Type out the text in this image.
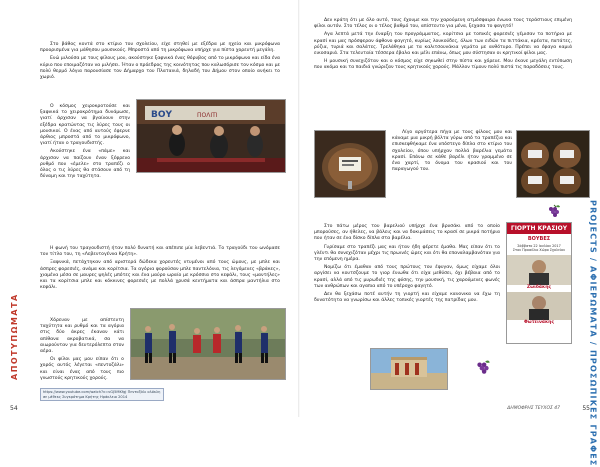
ΑΠΟΤΥΠΩΜΑΤΑ

Στο βάθος κοντά στο κτίριο του σχολείου, είχε στηθεί με εξέδρα με ηχεία και μικρόφωνα προορισμένα για μάθησου μουσικούς. Μπροστά από τη μικρόφωνα υπήρχε για πίστα χορευτή μεγάλη.

Ενώ μιλούσα με τους φίλους μου, ακούστηκε ξαφνικά ένας θόρυβος από το μικρόφωνο και είδα ένα κύριο που εποιμαζόταν να μιλήσει. Ήταν ο πρόεδρος της κοινότητας που καλωσόρισε τον κόσμο και με πολύ θερμό λόγια παρουσίασε τον Δήμαρχο του Πλατανιά, δηλαδή του Δήμου στον οποίο ανήκει το χωριό.

ΒΟΥ	ΠΟΛΙΤΙ

Ο κόσμος χειροκροτούσε και ξαφνικά το χειροκρότημα δυνάμωσε, γιατί άρχισαν να βγαίνουν στην εξέδρα κρατώντας τις λύρες τους οι μουσικοί. Ο ένας από αυτούς έφερνε άρθιος μπροστά από το μικρόφωνο, γιατί ήταν ο τραγουδιστής.

Ακούστηκε ένα «πάμε» και άρχισαν να παίζουν έναν ξέφρενο ρυθμό που «έμελε» στο τραπέζι ο όλος ο τις λύρες θα στάσουν από τη δύναμη και την ταχύτητα.

Η φωνή του τραγουδιστή ήταν πολύ δυνατή και απέπιπε μία λεβεντιά. Το τραγούδι του ωνόμασε τον τίτλο του, τη «Λεβεντογέννα Κρήτη».

Ξαφνικά, πετάχτηκαν από αριστερά δώδεκα χορευτές ντυμένοι από τους ώμους, με μπλε και άσπρες φορεσιές, ανάμα και κορίτσια. Τα αγόρια φορούσαν μπλε παντελόνια, τις λεγόμενες «βράκες», χιαμένα μέσα σε μαυρες ψηλές μπότες και ένα μαύρο ωραίο με κρόσσια στο κεφάλι, τους «μαντήλες» και τα κορίτσια μπλε και κόκκινες φορεσιές με πολλά χρυσά κεντήματα και άσπρα μαντήλια στο κεφάλι.

Χόρευαν με απίστευτη ταχύτητα και ρυθμό και τα αγόρια στις δύο άκρες έκαναν κάτι απίθανα ακροβατικά, σα να αιωρούνταν για δευτερόλεπτα στον αέρα.

Οι φίλοι μας μου είπαν ότι ο χορός αυτός λέγεται «πεντοζάλι» και είναι ένας από τους πιο γνωστούς κρητικούς χορούς.

https://www.youtube.com/watch?v=vGJ5MKfgj Πεντοζάλι ολόκλη σε μέθεκς Συγκρότημα Κρήτης Ηράκλειο 2014
54

Δεν κράτη ότι με όλο αυτό, τους έχουμε και την χαρούμενη ατμόσφαιρα ένωνα τους τεράστιους επιμένη φίλοι αυτόν. Στο τέλος οι ο τέλος βαθμό του, απίστευτο για μένα, ξεχασα το φαγητό!

Αγα λεπτά μετά την έναρξη του προγράμματος, κορίτσια με τοπικές φορεσιές γέμισαν τα ποτήρια με κρασί και μας πρόσφεραν άφθονο φαγητό, κυρίως λουκούδες, όλων των ειδών τα πιττάκια, κρέατα, πατάτες, ρύζια, τυριά και σαλάτες. Τρελάθηκα με τα καλιτσουνάκια γεμάτα με ανθότυρο. Πρέπει να έφαγα καμιά εικοσαριά. Στα τελευταία τέσσερα έβαλα και μέλι επάνω, όπως μου σύστησαν οι κρητικοί φίλοι μας.

Η μουσική συνεχιζόταν και ο κόσμος είχε σηκωθεί στην πίστα και χόρευε. Μου έκανε μεγάλη εντύπωση που ακόμα και τα παιδιά γνώριζαν τους κρητικούς χορούς. Μάλλον τίμουν πολύ πιστά τις παραδόσεις τους.

Λίγο αργότερα πήγα με τους φίλους μου και κάναμε μια μικρή βόλτα γύρω από τα τραπέζια και επισκεφθήκαμε ένα υπόστεγο δίπλα στο κτίριο του σχολείου, όπου υπήρχαν πολλά βαρέλια γεμάτα κρασί. Επάνω σε κάθε βαρέλι ήταν γραμμένο σε ένα χαρτί, το όνομα του κρασιού και του παραγωγού του.

Στο πάτω μέρος του βαρελιού υπήρχε ένα βρυσάκι από το οποίο μπορούσες, αν ήθελες, να βάλεις και να δοκιμάσεις το κρασί σε μικρά ποτήρια που ήταν σε ένα δίσκο δίπλα στα βαρέλια.

Γυρίσαμε στο τραπέζι μας και ήταν ήδη φέρετε έμαθα. Μας είπαν ότι το γλέντι θα συνεχιζόταν μέχρι τις πρωινές ώρες και ότι θα επαναλαμβανόταν για την επόμενη ημέρα.

Νομίζω ότι έμαθαν από τους πρώτους του έφυγαν, όμως είχαμε όλοι αργίσει να κουτσζουμε το γιορ ένιωθα ότι είχα μεθύσει, όχι βέβαια από το κρασί, αλλά από τις μυρωδιές της φύσης, την μουσική, τις χαρούμενες φωνές των ανθρώπων και αγαπια από το υπέροχο φαγητό.

Δεν θα ξεχάσω ποτέ αυτήν τη γιορτή και είχαμε κανονικα να έχω τη δυνατότητα να γνωρίσω και άλλες τοπικές γιορτές της πατρίδας μου.

ΓΙΟΡΤΗ ΚΡΑΣΙΟΥ
ΒΟΥΒΕΣ
Σάββατο 22 Ιουλίου 2017
Στον Προαύλιο Χώρο Σχολείου
Ζωιδάκης
Φωτεινάκης	PROJECTS / ΑΦΙΕΡΩΜΑΤΑ / ΠΡΟΣΩΠΙΚΕΣ ΓΡΑΦΕΣ
ΔΗΜΟΦΡΗΣ ΤΕΥΧΟΣ 47	55
